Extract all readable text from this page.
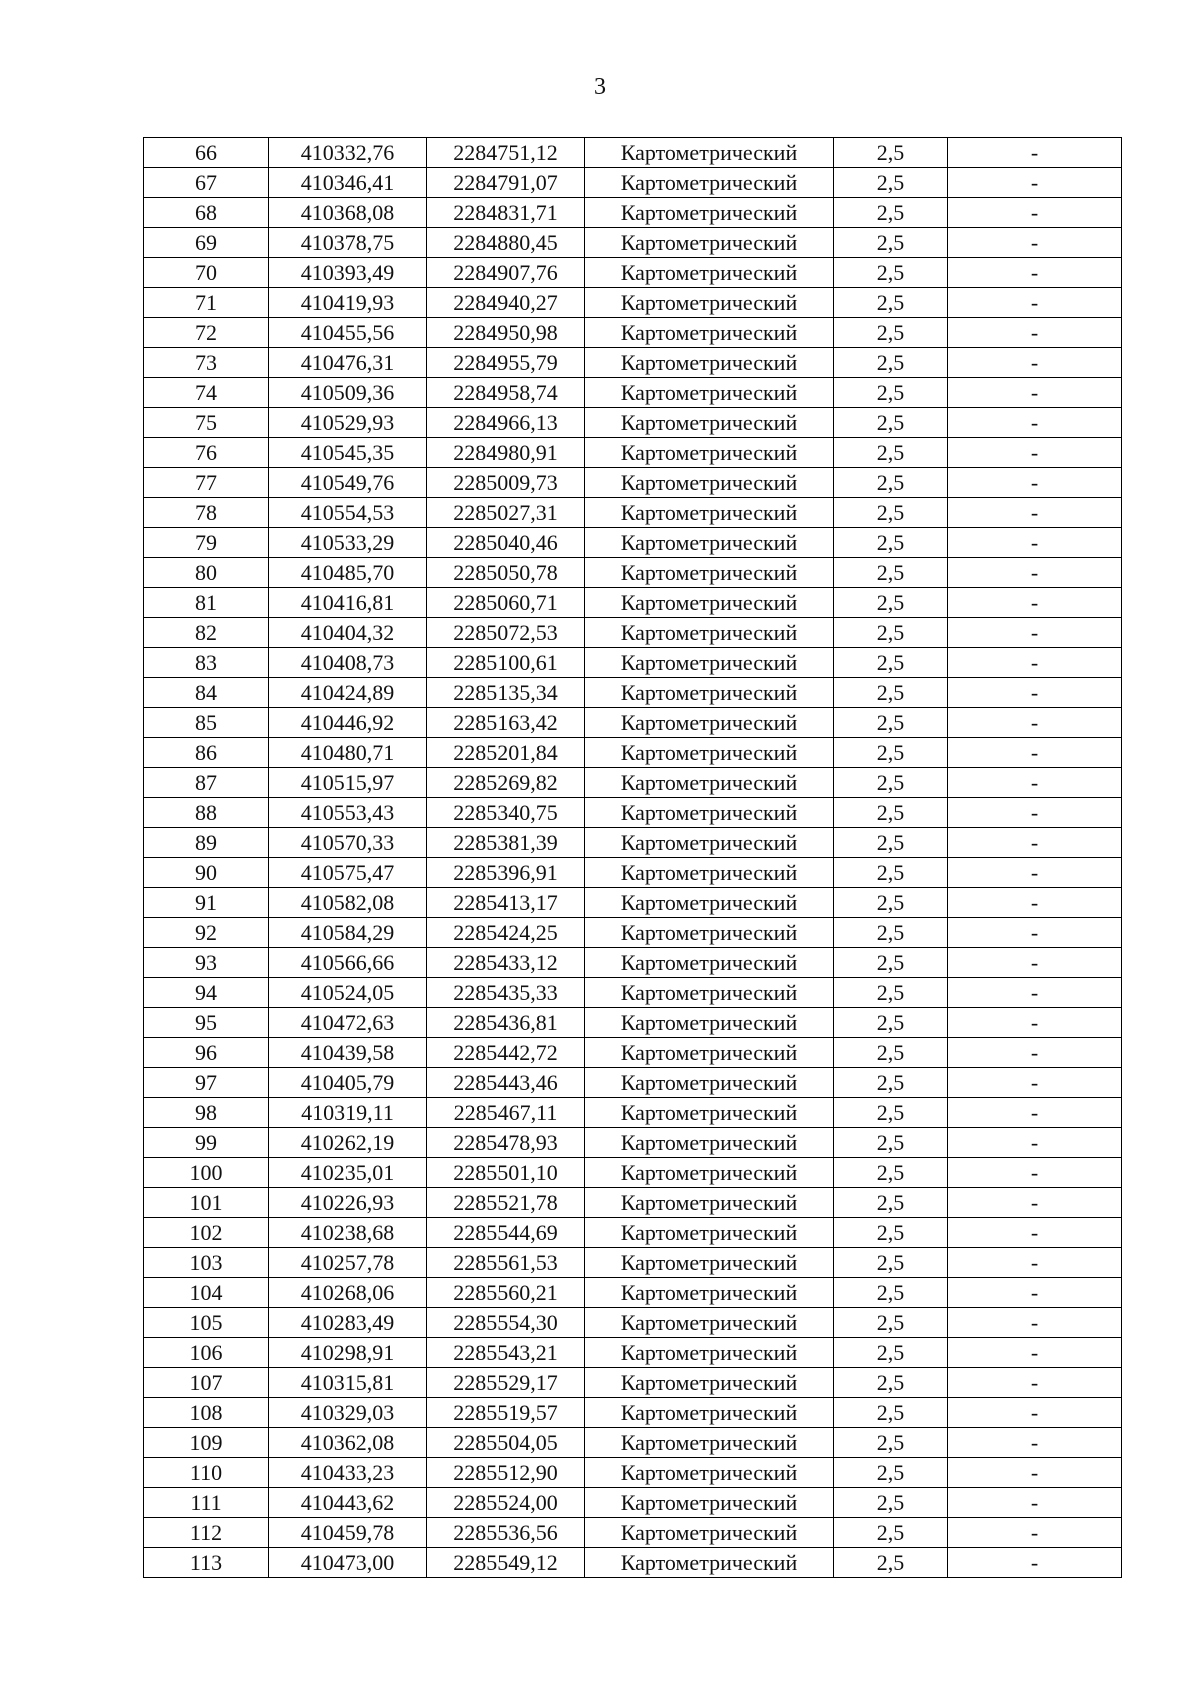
3
66	410332,76	2284751,12	Картометрический	2,5	-
67	410346,41	2284791,07	Картометрический	2,5	-
68	410368,08	2284831,71	Картометрический	2,5	-
69	410378,75	2284880,45	Картометрический	2,5	-
70	410393,49	2284907,76	Картометрический	2,5	-
71	410419,93	2284940,27	Картометрический	2,5	-
72	410455,56	2284950,98	Картометрический	2,5	-
73	410476,31	2284955,79	Картометрический	2,5	-
74	410509,36	2284958,74	Картометрический	2,5	-
75	410529,93	2284966,13	Картометрический	2,5	-
76	410545,35	2284980,91	Картометрический	2,5	-
77	410549,76	2285009,73	Картометрический	2,5	-
78	410554,53	2285027,31	Картометрический	2,5	-
79	410533,29	2285040,46	Картометрический	2,5	-
80	410485,70	2285050,78	Картометрический	2,5	-
81	410416,81	2285060,71	Картометрический	2,5	-
82	410404,32	2285072,53	Картометрический	2,5	-
83	410408,73	2285100,61	Картометрический	2,5	-
84	410424,89	2285135,34	Картометрический	2,5	-
85	410446,92	2285163,42	Картометрический	2,5	-
86	410480,71	2285201,84	Картометрический	2,5	-
87	410515,97	2285269,82	Картометрический	2,5	-
88	410553,43	2285340,75	Картометрический	2,5	-
89	410570,33	2285381,39	Картометрический	2,5	-
90	410575,47	2285396,91	Картометрический	2,5	-
91	410582,08	2285413,17	Картометрический	2,5	-
92	410584,29	2285424,25	Картометрический	2,5	-
93	410566,66	2285433,12	Картометрический	2,5	-
94	410524,05	2285435,33	Картометрический	2,5	-
95	410472,63	2285436,81	Картометрический	2,5	-
96	410439,58	2285442,72	Картометрический	2,5	-
97	410405,79	2285443,46	Картометрический	2,5	-
98	410319,11	2285467,11	Картометрический	2,5	-
99	410262,19	2285478,93	Картометрический	2,5	-
100	410235,01	2285501,10	Картометрический	2,5	-
101	410226,93	2285521,78	Картометрический	2,5	-
102	410238,68	2285544,69	Картометрический	2,5	-
103	410257,78	2285561,53	Картометрический	2,5	-
104	410268,06	2285560,21	Картометрический	2,5	-
105	410283,49	2285554,30	Картометрический	2,5	-
106	410298,91	2285543,21	Картометрический	2,5	-
107	410315,81	2285529,17	Картометрический	2,5	-
108	410329,03	2285519,57	Картометрический	2,5	-
109	410362,08	2285504,05	Картометрический	2,5	-
110	410433,23	2285512,90	Картометрический	2,5	-
111	410443,62	2285524,00	Картометрический	2,5	-
112	410459,78	2285536,56	Картометрический	2,5	-
113	410473,00	2285549,12	Картометрический	2,5	-
